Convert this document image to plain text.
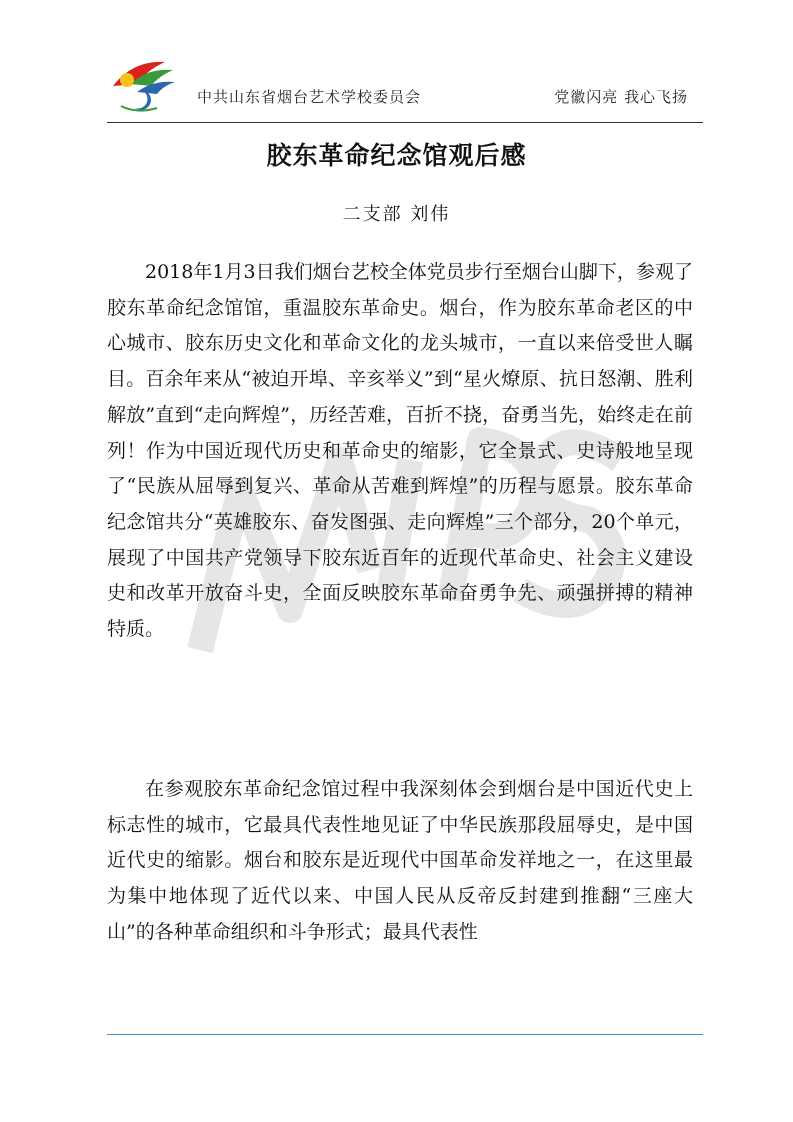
中共山东省烟台艺术学校委员会	党徽闪亮 我心飞扬
胶东革命纪念馆观后感
二支部 刘伟

2018年1月3日我们烟台艺校全体党员步行至烟台山脚下，参观了胶东革命纪念馆馆，重温胶东革命史。烟台，作为胶东革命老区的中心城市、胶东历史文化和革命文化的龙头城市，一直以来倍受世人瞩目。百余年来从“被迫开埠、辛亥举义”到“星火燎原、抗日怒潮、胜利解放”直到“走向辉煌”，历经苦难，百折不挠，奋勇当先，始终走在前列！作为中国近现代历史和革命史的缩影，它全景式、史诗般地呈现了“民族从屈辱到复兴、革命从苦难到辉煌”的历程与愿景。胶东革命纪念馆共分“英雄胶东、奋发图强、走向辉煌”三个部分，20个单元，展现了中国共产党领导下胶东近百年的近现代革命史、社会主义建设史和改革开放奋斗史，全面反映胶东革命奋勇争先、顽强拼搏的精神特质。

在参观胶东革命纪念馆过程中我深刻体会到烟台是中国近代史上标志性的城市，它最具代表性地见证了中华民族那段屈辱史，是中国近代史的缩影。烟台和胶东是近现代中国革命发祥地之一，在这里最为集中地体现了近代以来、中国人民从反帝反封建到推翻“三座大山”的各种革命组织和斗争形式；最具代表性
